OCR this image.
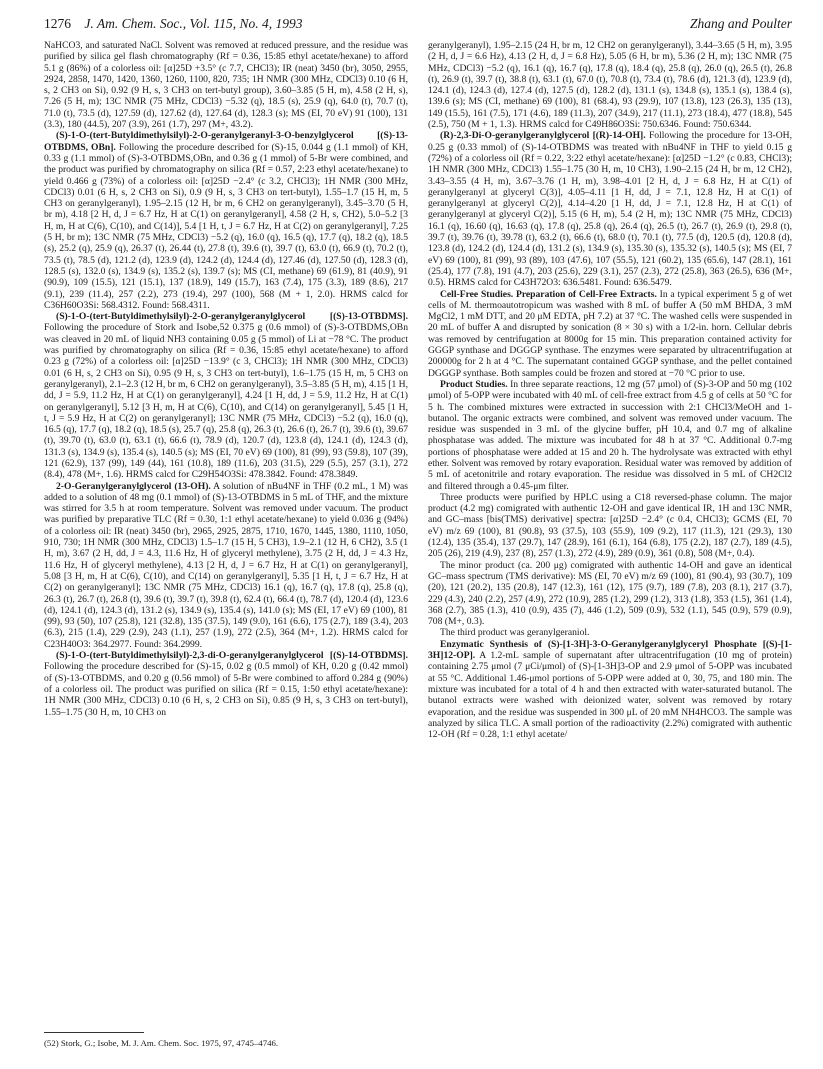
1276 J. Am. Chem. Soc., Vol. 115, No. 4, 1993	Zhang and Poulter

NaHCO3, and saturated NaCl. Solvent was removed at reduced pressure, and the residue was purified by silica gel flash chromatography (Rf = 0.36, 15:85 ethyl acetate/hexane) to afford 5.1 g (86%) of a colorless oil: [α]25D +3.5° (c 7.7, CHCl3); IR (neat) 3450 (br), 3050, 2955, 2924, 2858, 1470, 1420, 1360, 1260, 1100, 820, 735; 1H NMR (300 MHz, CDCl3) 0.10 (6 H, s, 2 CH3 on Si), 0.92 (9 H, s, 3 CH3 on tert-butyl group), 3.60–3.85 (5 H, m), 4.58 (2 H, s), 7.26 (5 H, m); 13C NMR (75 MHz, CDCl3) −5.32 (q), 18.5 (s), 25.9 (q), 64.0 (t), 70.7 (t), 71.0 (t), 73.5 (d), 127.59 (d), 127.62 (d), 127.64 (d), 128.3 (s); MS (EI, 70 eV) 91 (100), 131 (3.3), 180 (44.5), 207 (3.9), 261 (1.7), 297 (M+, 43.2).

(S)-1-O-(tert-Butyldimethylsilyl)-2-O-geranylgeranyl-3-O-benzylglycerol [(S)-13-OTBDMS, OBn]. Following the procedure described for (S)-15, 0.044 g (1.1 mmol) of KH, 0.33 g (1.1 mmol) of (S)-3-OTBDMS,OBn, and 0.36 g (1 mmol) of 5-Br were combined, and the product was purified by chromatography on silica (Rf = 0.57, 2:23 ethyl acetate/hexane) to yield 0.466 g (73%) of a colorless oil: [α]25D −2.4° (c 3.2, CHCl3); 1H NMR (300 MHz, CDCl3) 0.01 (6 H, s, 2 CH3 on Si), 0.9 (9 H, s, 3 CH3 on tert-butyl), 1.55–1.7 (15 H, m, 5 CH3 on geranylgeranyl), 1.95–2.15 (12 H, br m, 6 CH2 on geranylgeranyl), 3.45–3.70 (5 H, br m), 4.18 [2 H, d, J = 6.7 Hz, H at C(1) on geranylgeranyl], 4.58 (2 H, s, CH2), 5.0–5.2 [3 H, m, H at C(6), C(10), and C(14)], 5.4 [1 H, t, J = 6.7 Hz, H at C(2) on geranylgeranyl], 7.25 (5 H, br m); 13C NMR (75 MHz, CDCl3) −5.2 (q), 16.0 (q), 16.5 (q), 17.7 (q), 18.2 (q), 18.5 (s), 25.2 (q), 25.9 (q), 26.37 (t), 26.44 (t), 27.8 (t), 39.6 (t), 39.7 (t), 63.0 (t), 66.9 (t), 70.2 (t), 73.5 (t), 78.5 (d), 121.2 (d), 123.9 (d), 124.2 (d), 124.4 (d), 127.46 (d), 127.50 (d), 128.3 (d), 128.5 (s), 132.0 (s), 134.9 (s), 135.2 (s), 139.7 (s); MS (CI, methane) 69 (61.9), 81 (40.9), 91 (90.9), 109 (15.5), 121 (15.1), 137 (18.9), 149 (15.7), 163 (7.4), 175 (3.3), 189 (8.6), 217 (9.1), 239 (11.4), 257 (2.2), 273 (19.4), 297 (100), 568 (M + 1, 2.0). HRMS calcd for C36H60O3Si: 568.4312. Found: 568.4311.

(S)-1-O-(tert-Butyldimethylsilyl)-2-O-geranylgeranylglycerol [(S)-13-OTBDMS]. Following the procedure of Stork and Isobe,52 0.375 g (0.6 mmol) of (S)-3-OTBDMS,OBn was cleaved in 20 mL of liquid NH3 containing 0.05 g (5 mmol) of Li at −78 °C. The product was purified by chromatography on silica (Rf = 0.36, 15:85 ethyl acetate/hexane) to afford 0.23 g (72%) of a colorless oil: [α]25D −13.9° (c 3, CHCl3); 1H NMR (300 MHz, CDCl3) 0.01 (6 H, s, 2 CH3 on Si), 0.95 (9 H, s, 3 CH3 on tert-butyl), 1.6–1.75 (15 H, m, 5 CH3 on geranylgeranyl), 2.1–2.3 (12 H, br m, 6 CH2 on geranylgeranyl), 3.5–3.85 (5 H, m), 4.15 [1 H, dd, J = 5.9, 11.2 Hz, H at C(1) on geranylgeranyl], 4.24 [1 H, dd, J = 5.9, 11.2 Hz, H at C(1) on geranylgeranyl], 5.12 [3 H, m, H at C(6), C(10), and C(14) on geranylgeranyl], 5.45 [1 H, t, J = 5.9 Hz, H at C(2) on geranylgeranyl]; 13C NMR (75 MHz, CDCl3) −5.2 (q), 16.0 (q), 16.5 (q), 17.7 (q), 18.2 (q), 18.5 (s), 25.7 (q), 25.8 (q), 26.3 (t), 26.6 (t), 26.7 (t), 39.6 (t), 39.67 (t), 39.70 (t), 63.0 (t), 63.1 (t), 66.6 (t), 78.9 (d), 120.7 (d), 123.8 (d), 124.1 (d), 124.3 (d), 131.3 (s), 134.9 (s), 135.4 (s), 140.5 (s); MS (EI, 70 eV) 69 (100), 81 (99), 93 (59.8), 107 (39), 121 (62.9), 137 (99), 149 (44), 161 (10.8), 189 (11.6), 203 (31.5), 229 (5.5), 257 (3.1), 272 (8.4), 478 (M+, 1.6). HRMS calcd for C29H54O3Si: 478.3842. Found: 478.3849.

2-O-Geranylgeranylglycerol (13-OH). A solution of nBu4NF in THF (0.2 mL, 1 M) was added to a solution of 48 mg (0.1 mmol) of (S)-13-OTBDMS in 5 mL of THF, and the mixture was stirred for 3.5 h at room temperature. Solvent was removed under vacuum. The product was purified by preparative TLC (Rf = 0.30, 1:1 ethyl acetate/hexane) to yield 0.036 g (94%) of a colorless oil: IR (neat) 3450 (br), 2965, 2925, 2875, 1710, 1670, 1445, 1380, 1110, 1050, 910, 730; 1H NMR (300 MHz, CDCl3) 1.5–1.7 (15 H, 5 CH3), 1.9–2.1 (12 H, 6 CH2), 3.5 (1 H, m), 3.67 (2 H, dd, J = 4.3, 11.6 Hz, H of glyceryl methylene), 3.75 (2 H, dd, J = 4.3 Hz, 11.6 Hz, H of glyceryl methylene), 4.13 [2 H, d, J = 6.7 Hz, H at C(1) on geranylgeranyl], 5.08 [3 H, m, H at C(6), C(10), and C(14) on geranylgeranyl], 5.35 [1 H, t, J = 6.7 Hz, H at C(2) on geranylgeranyl]; 13C NMR (75 MHz, CDCl3) 16.1 (q), 16.7 (q), 17.8 (q), 25.8 (q), 26.3 (t), 26.7 (t), 26.8 (t), 39.6 (t), 39.7 (t), 39.8 (t), 62.4 (t), 66.4 (t), 78.7 (d), 120.4 (d), 123.6 (d), 124.1 (d), 124.3 (d), 131.2 (s), 134.9 (s), 135.4 (s), 141.0 (s); MS (EI, 17 eV) 69 (100), 81 (99), 93 (50), 107 (25.8), 121 (32.8), 135 (37.5), 149 (9.0), 161 (6.6), 175 (2.7), 189 (3.4), 203 (6.3), 215 (1.4), 229 (2.9), 243 (1.1), 257 (1.9), 272 (2.5), 364 (M+, 1.2). HRMS calcd for C23H40O3: 364.2977. Found: 364.2999.

(S)-1-O-(tert-Butyldimethylsilyl)-2,3-di-O-geranylgeranylglycerol [(S)-14-OTBDMS]. Following the procedure described for (S)-15, 0.02 g (0.5 mmol) of KH, 0.20 g (0.42 mmol) of (S)-13-OTBDMS, and 0.20 g (0.56 mmol) of 5-Br were combined to afford 0.284 g (90%) of a colorless oil. The product was purified on silica (Rf = 0.15, 1:50 ethyl acetate/hexane): 1H NMR (300 MHz, CDCl3) 0.10 (6 H, s, 2 CH3 on Si), 0.85 (9 H, s, 3 CH3 on tert-butyl), 1.55–1.75 (30 H, m, 10 CH3 on

geranylgeranyl), 1.95–2.15 (24 H, br m, 12 CH2 on geranylgeranyl), 3.44–3.65 (5 H, m), 3.95 (2 H, d, J = 6.6 Hz), 4.13 (2 H, d, J = 6.8 Hz), 5.05 (6 H, br m), 5.36 (2 H, m); 13C NMR (75 MHz, CDCl3) −5.2 (q), 16.1 (q), 16.7 (q), 17.8 (q), 18.4 (q), 25.8 (q), 26.0 (q), 26.5 (t), 26.8 (t), 26.9 (t), 39.7 (t), 38.8 (t), 63.1 (t), 67.0 (t), 70.8 (t), 73.4 (t), 78.6 (d), 121.3 (d), 123.9 (d), 124.1 (d), 124.3 (d), 127.4 (d), 127.5 (d), 128.2 (d), 131.1 (s), 134.8 (s), 135.1 (s), 138.4 (s), 139.6 (s); MS (CI, methane) 69 (100), 81 (68.4), 93 (29.9), 107 (13.8), 123 (26.3), 135 (13), 149 (15.5), 161 (7.5), 171 (4.6), 189 (11.3), 207 (34.9), 217 (11.1), 273 (18.4), 477 (18.8), 545 (2.5), 750 (M + 1, 1.3). HRMS calcd for C49H86O3Si: 750.6346. Found: 750.6344.

(R)-2,3-Di-O-geranylgeranylglycerol [(R)-14-OH]. Following the procedure for 13-OH, 0.25 g (0.33 mmol) of (S)-14-OTBDMS was treated with nBu4NF in THF to yield 0.15 g (72%) of a colorless oil (Rf = 0.22, 3:22 ethyl acetate/hexane): [α]25D −1.2° (c 0.83, CHCl3); 1H NMR (300 MHz, CDCl3) 1.55–1.75 (30 H, m, 10 CH3), 1.90–2.15 (24 H, br m, 12 CH2), 3.43–3.55 (4 H, m), 3.67–3.76 (1 H, m), 3.98–4.01 [2 H, d, J = 6.8 Hz, H at C(1) of geranylgeranyl at glyceryl C(3)], 4.05–4.11 [1 H, dd, J = 7.1, 12.8 Hz, H at C(1) of geranylgeranyl at glyceryl C(2)], 4.14–4.20 [1 H, dd, J = 7.1, 12.8 Hz, H at C(1) of geranylgeranyl at glyceryl C(2)], 5.15 (6 H, m), 5.4 (2 H, m); 13C NMR (75 MHz, CDCl3) 16.1 (q), 16.60 (q), 16.63 (q), 17.8 (q), 25.8 (q), 26.4 (q), 26.5 (t), 26.7 (t), 26.9 (t), 29.8 (t), 39.7 (t), 39.76 (t), 39.78 (t), 63.2 (t), 66.6 (t), 68.0 (t), 70.1 (t), 77.5 (d), 120.5 (d), 120.8 (d), 123.8 (d), 124.2 (d), 124.4 (d), 131.2 (s), 134.9 (s), 135.30 (s), 135.32 (s), 140.5 (s); MS (EI, 7 eV) 69 (100), 81 (99), 93 (89), 103 (47.6), 107 (55.5), 121 (60.2), 135 (65.6), 147 (28.1), 161 (25.4), 177 (7.8), 191 (4.7), 203 (25.6), 229 (3.1), 257 (2.3), 272 (25.8), 363 (26.5), 636 (M+, 0.5). HRMS calcd for C43H72O3: 636.5481. Found: 636.5479.

Cell-Free Studies. Preparation of Cell-Free Extracts. In a typical experiment 5 g of wet cells of M. thermoautotropicum was washed with 8 mL of buffer A (50 mM BHDA, 3 mM MgCl2, 1 mM DTT, and 20 μM EDTA, pH 7.2) at 37 °C. The washed cells were suspended in 20 mL of buffer A and disrupted by sonication (8 × 30 s) with a 1/2-in. horn. Cellular debris was removed by centrifugation at 8000g for 15 min. This preparation contained activity for GGGP synthase and DGGGP synthase. The enzymes were separated by ultracentrifugation at 200000g for 2 h at 4 °C. The supernatant contained GGGP synthase, and the pellet contained DGGGP synthase. Both samples could be frozen and stored at −70 °C prior to use.

Product Studies. In three separate reactions, 12 mg (57 μmol) of (S)-3-OP and 50 mg (102 μmol) of 5-OPP were incubated with 40 mL of cell-free extract from 4.5 g of cells at 50 °C for 5 h. The combined mixtures were extracted in succession with 2:1 CHCl3/MeOH and 1-butanol. The organic extracts were combined, and solvent was removed under vacuum. The residue was suspended in 3 mL of the glycine buffer, pH 10.4, and 0.7 mg of alkaline phosphatase was added. The mixture was incubated for 48 h at 37 °C. Additional 0.7-mg portions of phosphatase were added at 15 and 20 h. The hydrolysate was extracted with ethyl ether. Solvent was removed by rotary evaporation. Residual water was removed by addition of 5 mL of acetonitrile and rotary evaporation. The residue was dissolved in 5 mL of CH2Cl2 and filtered through a 0.45-μm filter.

Three products were purified by HPLC using a C18 reversed-phase column. The major product (4.2 mg) comigrated with authentic 12-OH and gave identical IR, 1H and 13C NMR, and GC–mass [bis(TMS) derivative] spectra: [α]25D −2.4° (c 0.4, CHCl3); GCMS (EI, 70 eV) m/z 69 (100), 81 (90.8), 93 (37.5), 103 (55.9), 109 (9.2), 117 (11.3), 121 (29.3), 130 (12.4), 135 (35.4), 137 (29.7), 147 (28.9), 161 (6.1), 164 (6.8), 175 (2.2), 187 (2.7), 189 (4.5), 205 (26), 219 (4.9), 237 (8), 257 (1.3), 272 (4.9), 289 (0.9), 361 (0.8), 508 (M+, 0.4).

The minor product (ca. 200 μg) comigrated with authentic 14-OH and gave an identical GC–mass spectrum (TMS derivative): MS (EI, 70 eV) m/z 69 (100), 81 (90.4), 93 (30.7), 109 (20), 121 (20.2), 135 (20.8), 147 (12.3), 161 (12), 175 (9.7), 189 (7.8), 203 (8.1), 217 (3.7), 229 (4.3), 240 (2.2), 257 (4.9), 272 (10.9), 285 (1.2), 299 (1.2), 313 (1.8), 353 (1.5), 361 (1.4), 368 (2.7), 385 (1.3), 410 (0.9), 435 (7), 446 (1.2), 509 (0.9), 532 (1.1), 545 (0.9), 579 (0.9), 708 (M+, 0.3).

The third product was geranylgeraniol.

Enzymatic Synthesis of (S)-[1-3H]-3-O-Geranylgeranylglyceryl Phosphate [(S)-[1-3H]12-OP]. A 1.2-mL sample of supernatant after ultracentrifugation (10 mg of protein) containing 2.75 μmol (7 μCi/μmol) of (S)-[1-3H]3-OP and 2.9 μmol of 5-OPP was incubated at 55 °C. Additional 1.46-μmol portions of 5-OPP were added at 0, 30, 75, and 180 min. The mixture was incubated for a total of 4 h and then extracted with water-saturated butanol. The butanol extracts were washed with deionized water, solvent was removed by rotary evaporation, and the residue was suspended in 300 μL of 20 mM NH4HCO3. The sample was analyzed by silica TLC. A small portion of the radioactivity (2.2%) comigrated with authentic 12-OH (Rf = 0.28, 1:1 ethyl acetate/

(52) Stork, G.; Isobe, M. J. Am. Chem. Soc. 1975, 97, 4745–4746.
